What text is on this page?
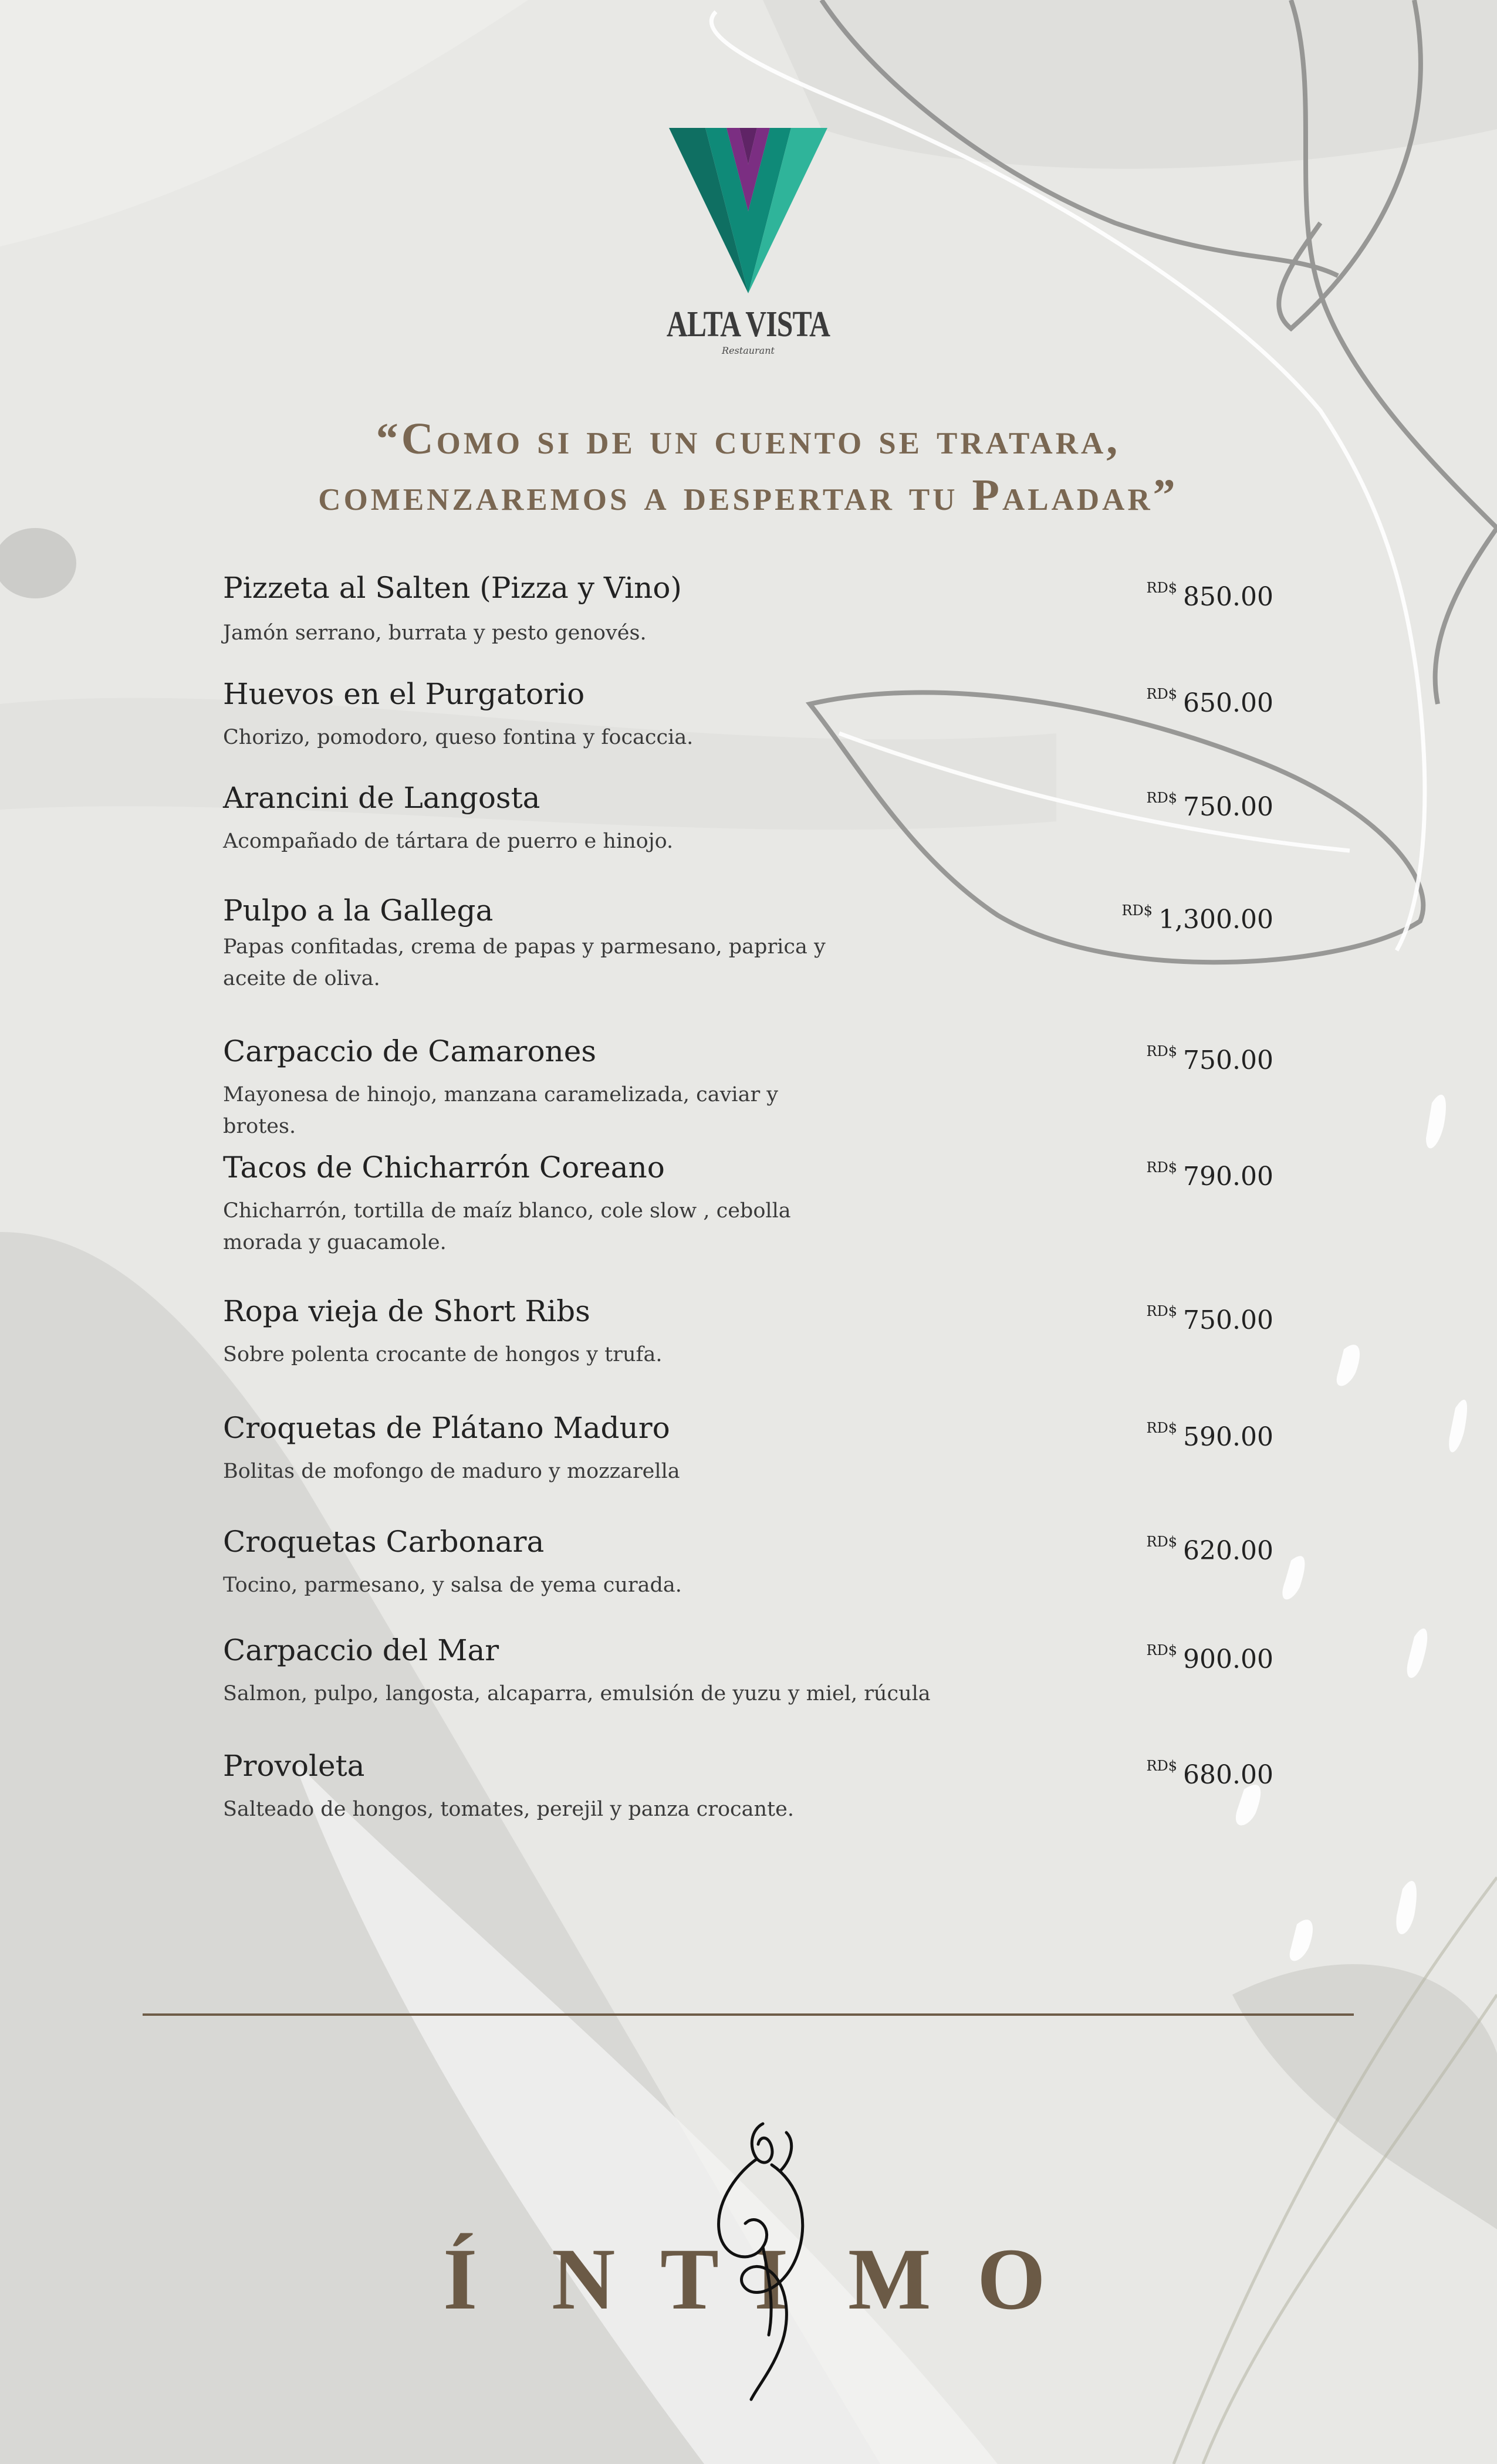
ALTA VISTA
Restaurant
“Como si de un cuento se tratara,
comenzaremos a despertar tu Paladar”
Pizzeta al Salten (Pizza y Vino)	$^{RD\$}$ 850.00
Jamón serrano, burrata y pesto genovés.
Huevos en el Purgatorio	$^{RD\$}$ 650.00
Chorizo, pomodoro, queso fontina y focaccia.
Arancini de Langosta	$^{RD\$}$ 750.00
Acompañado de tártara de puerro e hinojo.
Pulpo a la Gallega	$^{RD\$}$ 1,300.00
Papas confitadas, crema de papas y parmesano, paprica y aceite de oliva.
Carpaccio de Camarones	$^{RD\$}$ 750.00
Mayonesa de hinojo, manzana caramelizada, caviar y brotes.
Tacos de Chicharrón Coreano	$^{RD\$}$ 790.00
Chicharrón, tortilla de maíz blanco, cole slow , cebolla morada y guacamole.
Ropa vieja de Short Ribs	$^{RD\$}$ 750.00
Sobre polenta crocante de hongos y trufa.
Croquetas de Plátano Maduro	$^{RD\$}$ 590.00
Bolitas de mofongo de maduro y mozzarella
Croquetas Carbonara	$^{RD\$}$ 620.00
Tocino, parmesano, y salsa de yema curada.
Carpaccio del Mar	$^{RD\$}$ 900.00
Salmon, pulpo, langosta, alcaparra, emulsión de yuzu y miel, rúcula
Provoleta	$^{RD\$}$ 680.00
Salteado de hongos, tomates, perejil y panza crocante.
Í N T I M O
